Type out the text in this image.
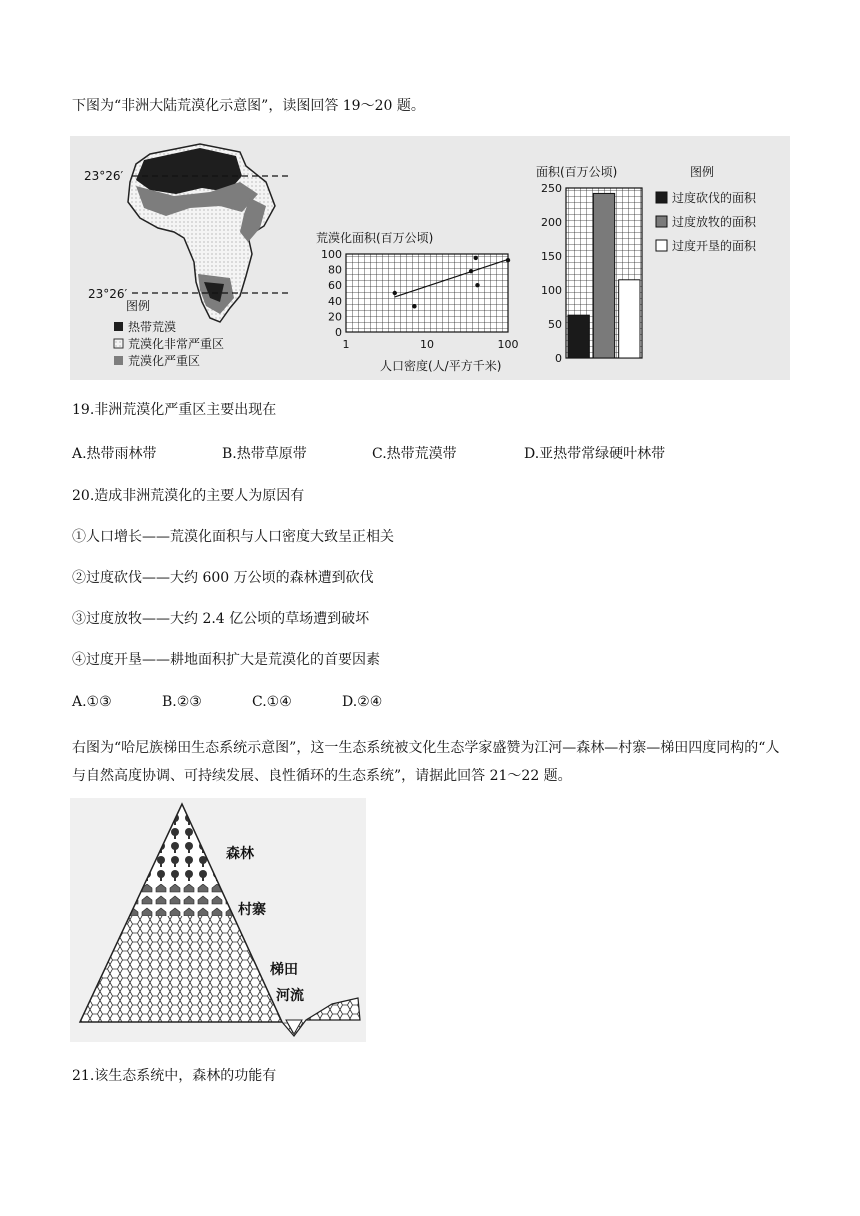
下图为“非洲大陆荒漠化示意图”，读图回答 19～20 题。
23°26′
23°26′
图例
热带荒漠
荒漠化非常严重区
荒漠化严重区
荒漠化面积(百万公顷)
100
80
60
40
20
0
1	10	100
人口密度(人/平方千米)
面积(百万公顷)
250
200
150
100
50
0
图例
过度砍伐的面积
过度放牧的面积
过度开垦的面积
19.非洲荒漠化严重区主要出现在
A.热带雨林带	B.热带草原带	C.热带荒漠带	D.亚热带常绿硬叶林带
20.造成非洲荒漠化的主要人为原因有
①人口增长——荒漠化面积与人口密度大致呈正相关
②过度砍伐——大约 600 万公顷的森林遭到砍伐
③过度放牧——大约 2.4 亿公顷的草场遭到破坏
④过度开垦——耕地面积扩大是荒漠化的首要因素
A.①③	B.②③	C.①④	D.②④
右图为“哈尼族梯田生态系统示意图”，这一生态系统被文化生态学家盛赞为江河—森林—村寨—梯田四度同构的“人与自然高度协调、可持续发展、良性循环的生态系统”，请据此回答 21～22 题。
森林
村寨
梯田
河流
21.该生态系统中，森林的功能有
